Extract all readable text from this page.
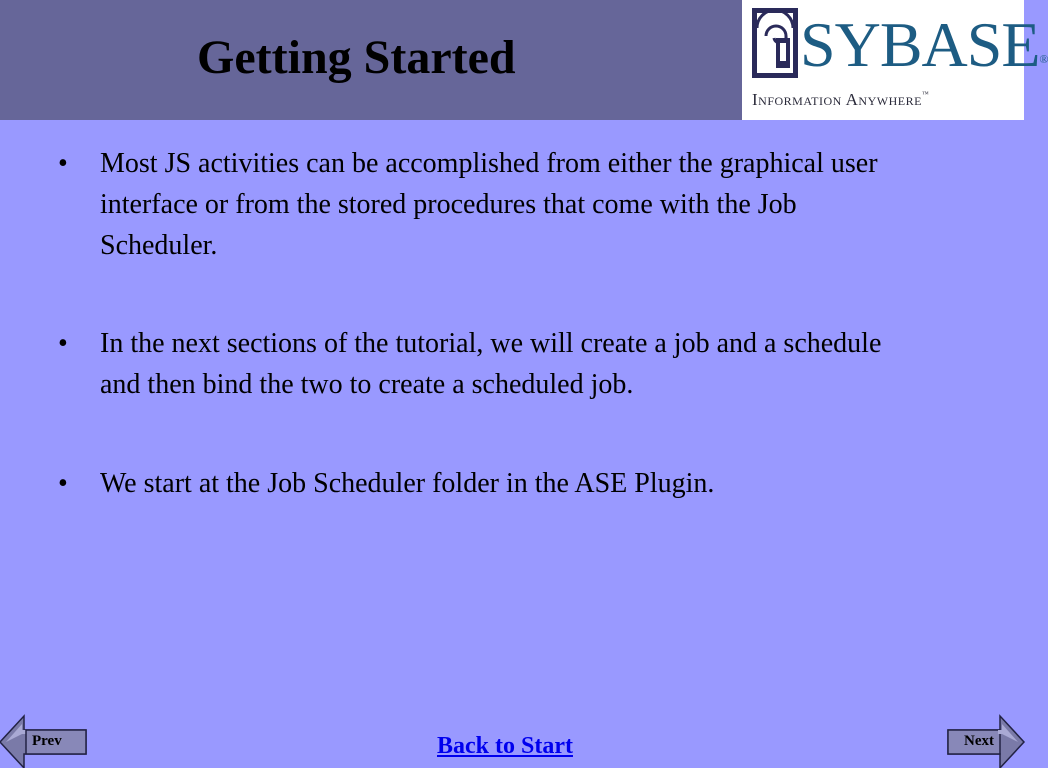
Getting Started	SYBASE®
Information Anywhere™
•	Most JS activities can be accomplished from either the graphical user interface or from the stored procedures that come with the Job Scheduler.
•	In the next sections of the tutorial, we will create a job and a schedule and then bind the two to create a scheduled job.
•	We start at the Job Scheduler folder in the ASE Plugin.
Prev	Back to Start	Next
